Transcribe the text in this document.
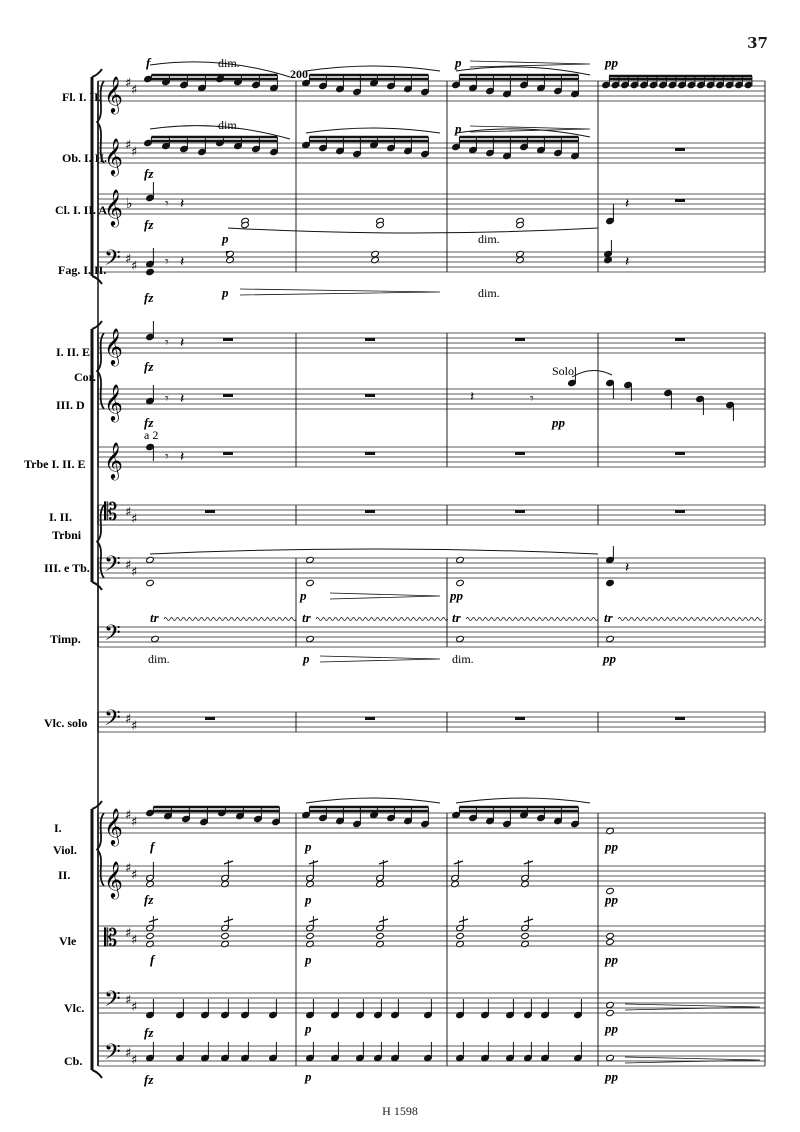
37
Fl. I. II.
Ob. I. II.
Cl. I. II. A
Fag. I. II.
I. II. E
Cor.
III. D
Trbe I. II. E
I. II.
Trbni
III. e Tb.
Timp.
Vlc. solo
I.
Viol.
II.
Vle
Vlc.
Cb.
𝄞 ♯ ♯
𝄞 ♯ ♯
𝄞 ♭
𝄢 ♯ ♯
𝄞
𝄞
𝄞
𝄡 ♯ ♯
𝄢 ♯ ♯
𝄢
𝄢 ♯ ♯
𝄞 ♯ ♯
𝄞 ♯ ♯
𝄡 ♯ ♯
𝄢 ♯ ♯
𝄢 ♯ ♯
𝄾 𝄽	𝄽
𝄾 𝄽	𝄽
𝄾 𝄽
𝄾 𝄽	𝄽	𝄾
𝄾 𝄽
𝄽
f	dim.	p	pp
dim.
fz
p
fz
p	dim.
fz	p	dim.
fz
fz
Solo
pp
a 2
p	pp
tr	tr	tr	tr
dim.	p	dim.	pp
f	p	pp
fz	p	pp
f	p	pp
fz	p	pp
fz	p	pp
200
H 1598
